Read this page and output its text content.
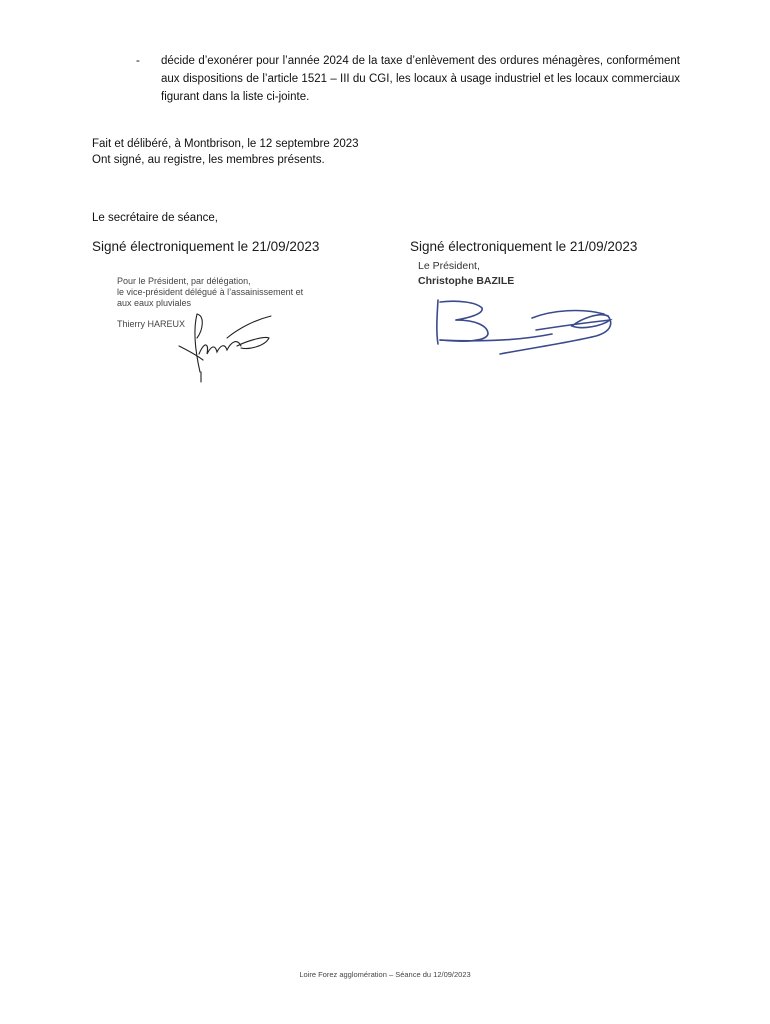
- décide d’exonérer pour l’année 2024 de la taxe d’enlèvement des ordures ménagères, conformément aux dispositions de l’article 1521 – III du CGI, les locaux à usage industriel et les locaux commerciaux figurant dans la liste ci-jointe.
Fait et délibéré, à Montbrison, le 12 septembre 2023
Ont signé, au registre, les membres présents.
Le secrétaire de séance,
Signé électroniquement le 21/09/2023	Signé électroniquement le 21/09/2023
Pour le Président, par délégation,
le vice-président délégué à l’assainissement et
aux eaux pluviales
Thierry HAREUX
Le Président,
Christophe BAZILE
Loire Forez agglomération – Séance du 12/09/2023
